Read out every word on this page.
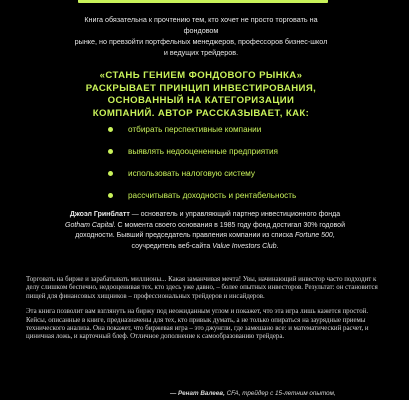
Книга обязательна к прочтению тем, кто хочет не просто торговать на фондовом
рынке, но превзойти портфельных менеджеров, профессоров бизнес-школ
и ведущих трейдеров.
«СТАНЬ ГЕНИЕМ ФОНДОВОГО РЫНКА»
РАСКРЫВАЕТ ПРИНЦИП ИНВЕСТИРОВАНИЯ,
ОСНОВАННЫЙ НА КАТЕГОРИЗАЦИИ
КОМПАНИЙ. АВТОР РАССКАЗЫВАЕТ, КАК:
отбирать перспективные компании
выявлять недооцененные предприятия
использовать налоговую систему
рассчитывать доходность и рентабельность
Джоэл Гринблатт — основатель и управляющий партнер инвестиционного фонда
Gotham Capital. С момента своего основания в 1985 году фонд достигал 30% годовой
доходности. Бывший председатель правления компании из списка Fortune 500,
соучредитель веб-сайта Value Investors Club.

Торговать на бирже и зарабатывать миллионы... Какая заманчивая мечта! Увы, начинающий инвестор часто подходит к делу слишком беспечно, недооценивая тех, кто здесь уже давно, – более опытных инвесторов. Результат: он становится пищей для финансовых хищников – профессиональных трейдеров и инсайдеров.

Эта книга позволит вам взглянуть на биржу под неожиданным углом и покажет, что эта игра лишь кажется простой. Кейсы, описанные в книге, предназначены для тех, кто привык думать, а не только опираться на заурядные приемы технического анализа. Она покажет, что биржевая игра – это джунгли, где замешано все: и математический расчет, и циничная ложь, и карточный блеф. Отличное дополнение к самообразованию трейдера.

— Ренат Валеев, CFA, трейдер с 15-летним опытом,
